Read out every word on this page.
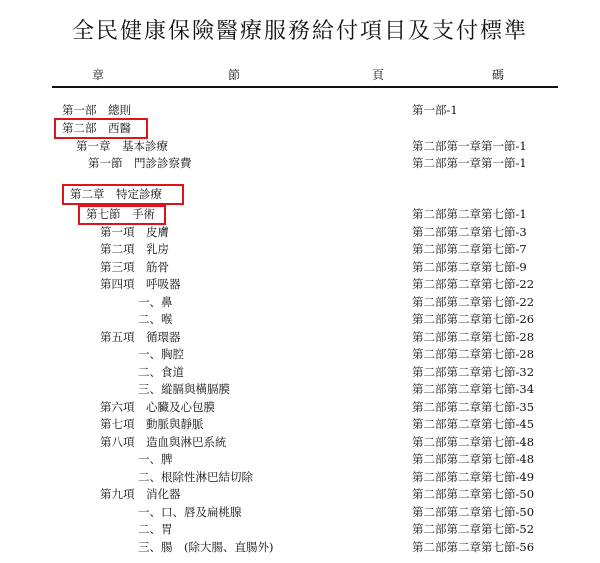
全民健康保險醫療服務給付項目及支付標準
章	節	頁	碼
第一部　總則	第一部-1
第二部　西醫
第一章　基本診療	第二部第一章第一節-1
第一節　門診診察費	第二部第一章第一節-1
第二章　特定診療
第七節　手術	第二部第二章第七節-1
第一項　皮膚	第二部第二章第七節-3
第二項　乳房	第二部第二章第七節-7
第三項　筋骨	第二部第二章第七節-9
第四項　呼吸器	第二部第二章第七節-22
一、鼻	第二部第二章第七節-22
二、喉	第二部第二章第七節-26
第五項　循環器	第二部第二章第七節-28
一、胸腔	第二部第二章第七節-28
二、食道	第二部第二章第七節-32
三、縱膈與橫膈膜	第二部第二章第七節-34
第六項　心臟及心包膜	第二部第二章第七節-35
第七項　動脈與靜脈	第二部第二章第七節-45
第八項　造血與淋巴系統	第二部第二章第七節-48
一、脾	第二部第二章第七節-48
二、根除性淋巴結切除	第二部第二章第七節-49
第九項　消化器	第二部第二章第七節-50
一、口、唇及扁桃腺	第二部第二章第七節-50
二、胃	第二部第二章第七節-52
三、腸　(除大腸、直腸外)	第二部第二章第七節-56
